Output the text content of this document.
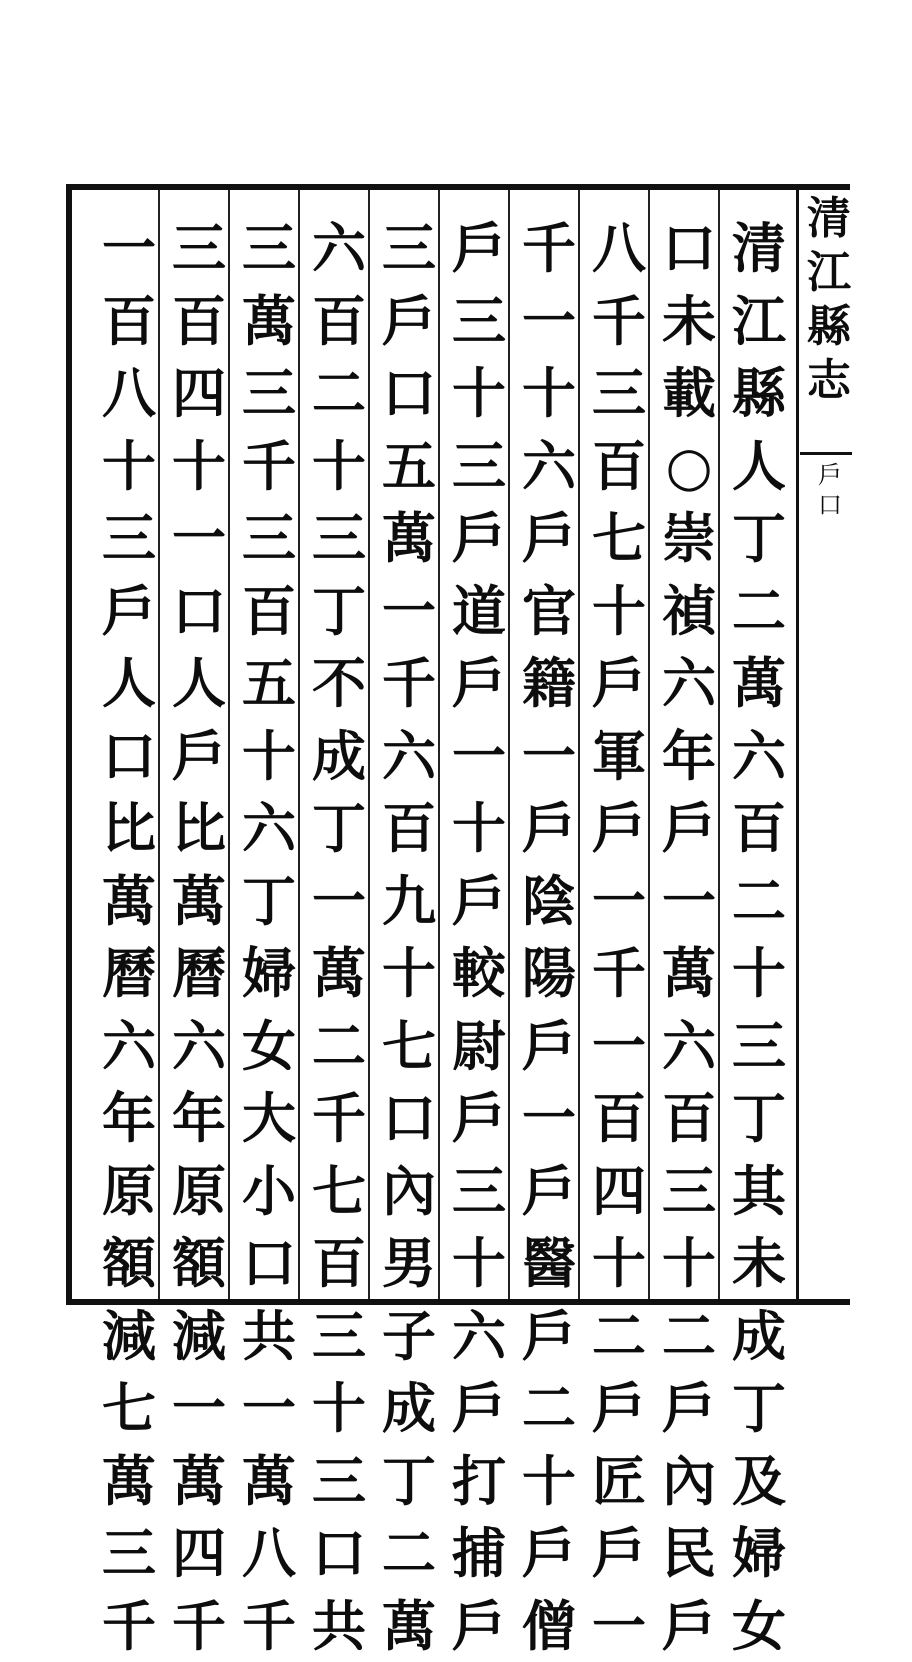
清
江
縣
志
戶
口
清
江
縣
人
丁
二
萬
六
百
二
十
三
丁
其
未
成
丁
及
婦
女
口
未
載
○
崇
禎
六
年
戶
一
萬
六
百
三
十
二
戶
內
民
戶
八
千
三
百
七
十
戶
軍
戶
一
千
一
百
四
十
二
戶
匠
戶
一
千
一
十
六
戶
官
籍
一
戶
陰
陽
戶
一
戶
醫
戶
二
十
戶
僧
戶
三
十
三
戶
道
戶
一
十
戶
較
尉
戶
三
十
六
戶
打
捕
戶
三
戶
口
五
萬
一
千
六
百
九
十
七
口
內
男
子
成
丁
二
萬
六
百
二
十
三
丁
不
成
丁
一
萬
二
千
七
百
三
十
三
口
共
三
萬
三
千
三
百
五
十
六
丁
婦
女
大
小
口
共
一
萬
八
千
三
百
四
十
一
口
人
戶
比
萬
曆
六
年
原
額
減
一
萬
四
千
一
百
八
十
三
戶
人
口
比
萬
曆
六
年
原
額
減
七
萬
三
千
